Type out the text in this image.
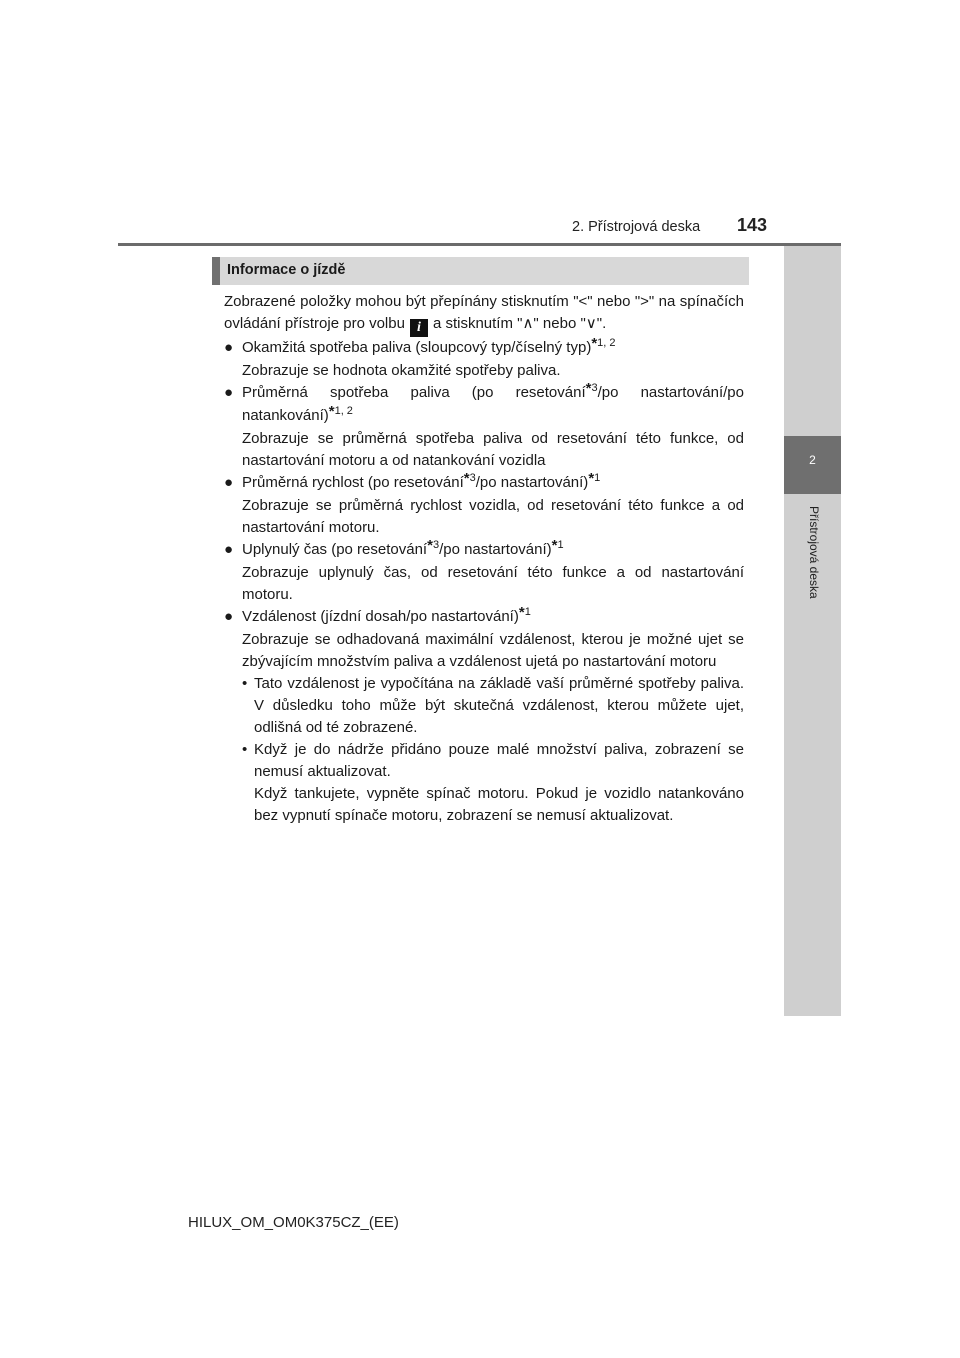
2. Přístrojová deska 143
2
Přístrojová deska
Informace o jízdě

Zobrazené položky mohou být přepínány stisknutím "<" nebo ">" na spínačích ovládání přístroje pro volbu i a stisknutím "∧" nebo "∨".

● Okamžitá spotřeba paliva (sloupcový typ/číselný typ)$^{*1, 2}$

Zobrazuje se hodnota okamžité spotřeby paliva.

● Průměrná spotřeba paliva (po resetování$^{*3}$/po nastartování/po natankování)$^{*1, 2}$

Zobrazuje se průměrná spotřeba paliva od resetování této funkce, od nastartování motoru a od natankování vozidla

● Průměrná rychlost (po resetování$^{*3}$/po nastartování)$^{*1}$

Zobrazuje se průměrná rychlost vozidla, od resetování této funkce a od nastartování motoru.

● Uplynulý čas (po resetování$^{*3}$/po nastartování)$^{*1}$

Zobrazuje uplynulý čas, od resetování této funkce a od nastartování motoru.

● Vzdálenost (jízdní dosah/po nastartování)$^{*1}$

Zobrazuje se odhadovaná maximální vzdálenost, kterou je možné ujet se zbývajícím množstvím paliva a vzdálenost ujetá po nastartování motoru

• Tato vzdálenost je vypočítána na základě vaší průměrné spotřeby paliva. V důsledku toho může být skutečná vzdálenost, kterou můžete ujet, odlišná od té zobrazené.

• Když je do nádrže přidáno pouze malé množství paliva, zobrazení se nemusí aktualizovat.

Když tankujete, vypněte spínač motoru. Pokud je vozidlo natankováno bez vypnutí spínače motoru, zobrazení se nemusí aktualizovat.

HILUX_OM_OM0K375CZ_(EE)
